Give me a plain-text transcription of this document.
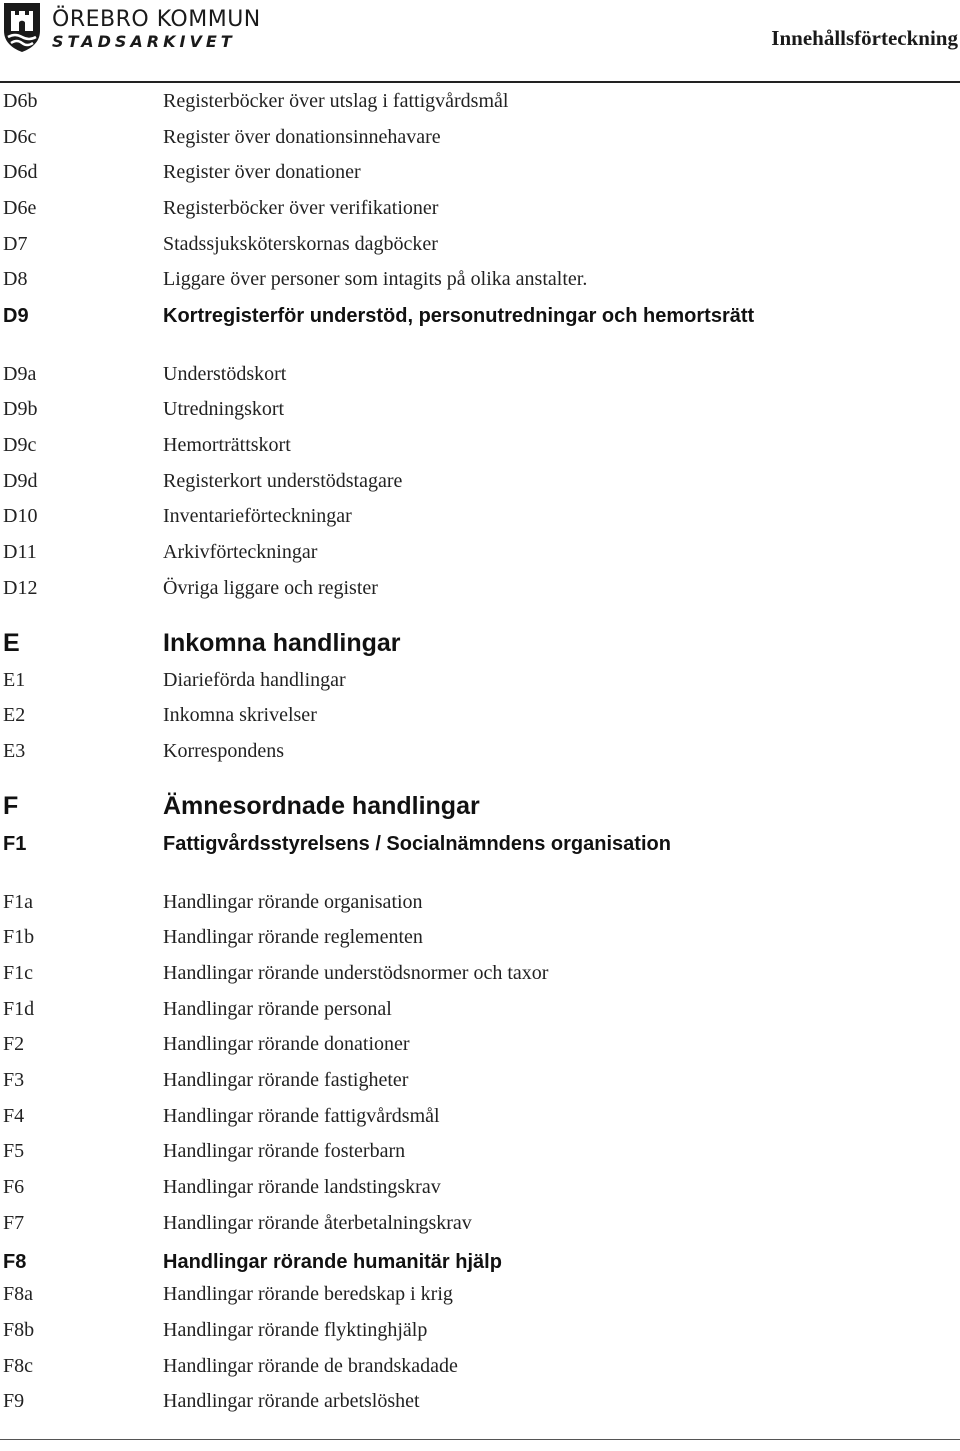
ÖREBRO KOMMUN
STADSARKIVET	Innehållsförteckning
D6b	Registerböcker över utslag i fattigvårdsmål
D6c	Register över donationsinnehavare
D6d	Register över donationer
D6e	Registerböcker över verifikationer
D7	Stadssjuksköterskornas dagböcker
D8	Liggare över personer som intagits på olika anstalter.
D9	Kortregisterför understöd, personutredningar och hemortsrätt
D9a	Understödskort
D9b	Utredningskort
D9c	Hemorträttskort
D9d	Registerkort understödstagare
D10	Inventarieförteckningar
D11	Arkivförteckningar
D12	Övriga liggare och register
E	Inkomna handlingar
E1	Diarieförda handlingar
E2	Inkomna skrivelser
E3	Korrespondens
F	Ämnesordnade handlingar
F1	Fattigvårdsstyrelsens / Socialnämndens organisation
F1a	Handlingar rörande organisation
F1b	Handlingar rörande reglementen
F1c	Handlingar rörande understödsnormer och taxor
F1d	Handlingar rörande personal
F2	Handlingar rörande donationer
F3	Handlingar rörande fastigheter
F4	Handlingar rörande fattigvårdsmål
F5	Handlingar rörande fosterbarn
F6	Handlingar rörande landstingskrav
F7	Handlingar rörande återbetalningskrav
F8	Handlingar rörande humanitär hjälp
F8a	Handlingar rörande beredskap i krig
F8b	Handlingar rörande flyktinghjälp
F8c	Handlingar rörande de brandskadade
F9	Handlingar rörande arbetslöshet
